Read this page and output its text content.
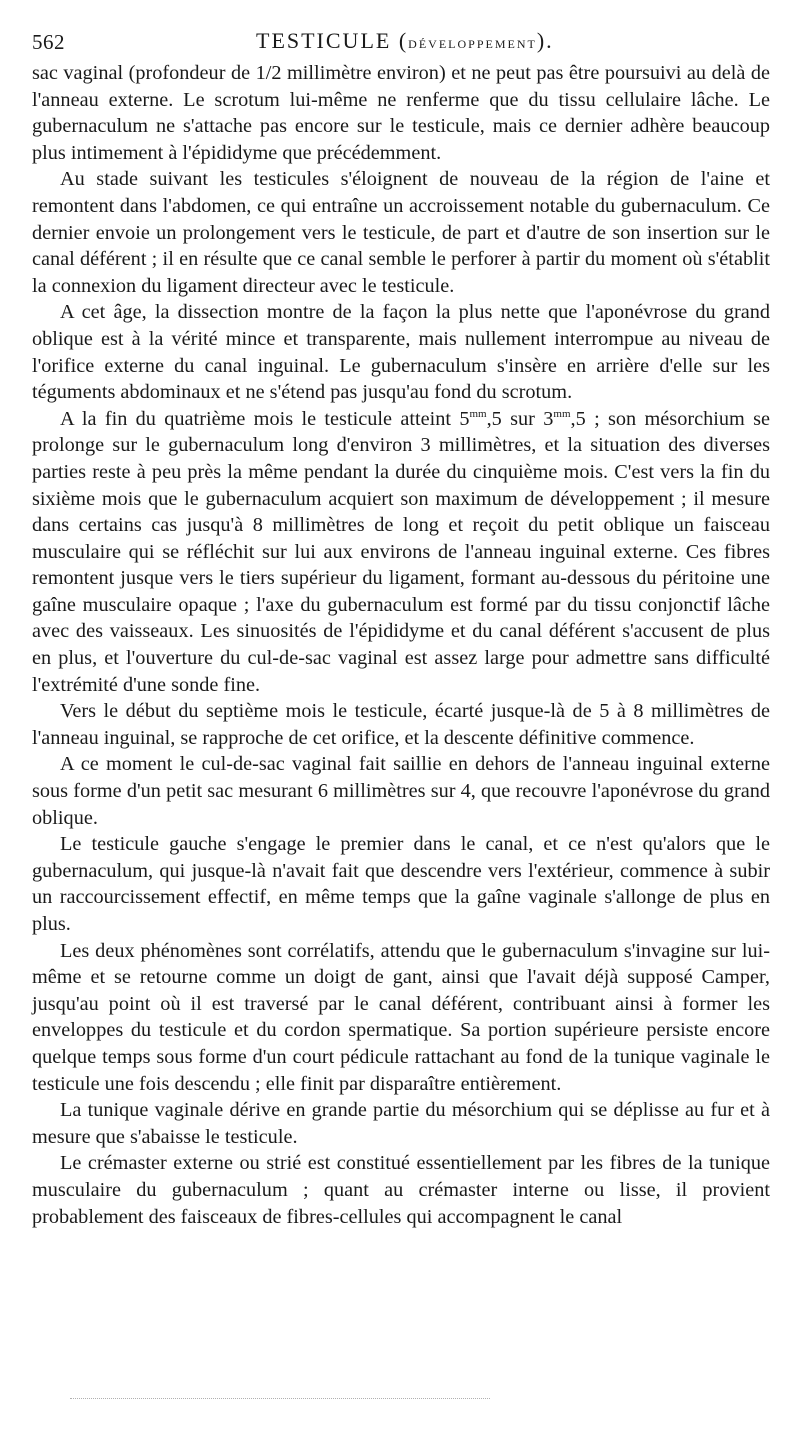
562	TESTICULE (DÉVELOPPEMENT).

sac vaginal (profondeur de 1/2 millimètre environ) et ne peut pas être poursuivi au delà de l'anneau externe. Le scrotum lui-même ne renferme que du tissu cellulaire lâche. Le gubernaculum ne s'attache pas encore sur le testicule, mais ce dernier adhère beaucoup plus intimement à l'épididyme que précédemment.

Au stade suivant les testicules s'éloignent de nouveau de la région de l'aine et remontent dans l'abdomen, ce qui entraîne un accroissement notable du gubernaculum. Ce dernier envoie un prolongement vers le testicule, de part et d'autre de son insertion sur le canal déférent ; il en résulte que ce canal semble le perforer à partir du moment où s'établit la connexion du ligament directeur avec le testicule.

A cet âge, la dissection montre de la façon la plus nette que l'aponévrose du grand oblique est à la vérité mince et transparente, mais nullement interrompue au niveau de l'orifice externe du canal inguinal. Le gubernaculum s'insère en arrière d'elle sur les téguments abdominaux et ne s'étend pas jusqu'au fond du scrotum.

A la fin du quatrième mois le testicule atteint $5^{mm},5$ sur $3^{mm},5$ ; son mésorchium se prolonge sur le gubernaculum long d'environ 3 millimètres, et la situation des diverses parties reste à peu près la même pendant la durée du cinquième mois. C'est vers la fin du sixième mois que le gubernaculum acquiert son maximum de développement ; il mesure dans certains cas jusqu'à 8 millimètres de long et reçoit du petit oblique un faisceau musculaire qui se réfléchit sur lui aux environs de l'anneau inguinal externe. Ces fibres remontent jusque vers le tiers supérieur du ligament, formant au-dessous du péritoine une gaîne musculaire opaque ; l'axe du gubernaculum est formé par du tissu conjonctif lâche avec des vaisseaux. Les sinuosités de l'épididyme et du canal déférent s'accusent de plus en plus, et l'ouverture du cul-de-sac vaginal est assez large pour admettre sans difficulté l'extrémité d'une sonde fine.

Vers le début du septième mois le testicule, écarté jusque-là de 5 à 8 millimètres de l'anneau inguinal, se rapproche de cet orifice, et la descente définitive commence.

A ce moment le cul-de-sac vaginal fait saillie en dehors de l'anneau inguinal externe sous forme d'un petit sac mesurant 6 millimètres sur 4, que recouvre l'aponévrose du grand oblique.

Le testicule gauche s'engage le premier dans le canal, et ce n'est qu'alors que le gubernaculum, qui jusque-là n'avait fait que descendre vers l'extérieur, commence à subir un raccourcissement effectif, en même temps que la gaîne vaginale s'allonge de plus en plus.

Les deux phénomènes sont corrélatifs, attendu que le gubernaculum s'invagine sur lui-même et se retourne comme un doigt de gant, ainsi que l'avait déjà supposé Camper, jusqu'au point où il est traversé par le canal déférent, contribuant ainsi à former les enveloppes du testicule et du cordon spermatique. Sa portion supérieure persiste encore quelque temps sous forme d'un court pédicule rattachant au fond de la tunique vaginale le testicule une fois descendu ; elle finit par disparaître entièrement.

La tunique vaginale dérive en grande partie du mésorchium qui se déplisse au fur et à mesure que s'abaisse le testicule.

Le crémaster externe ou strié est constitué essentiellement par les fibres de la tunique musculaire du gubernaculum ; quant au crémaster interne ou lisse, il provient probablement des faisceaux de fibres-cellules qui accompagnent le canal
